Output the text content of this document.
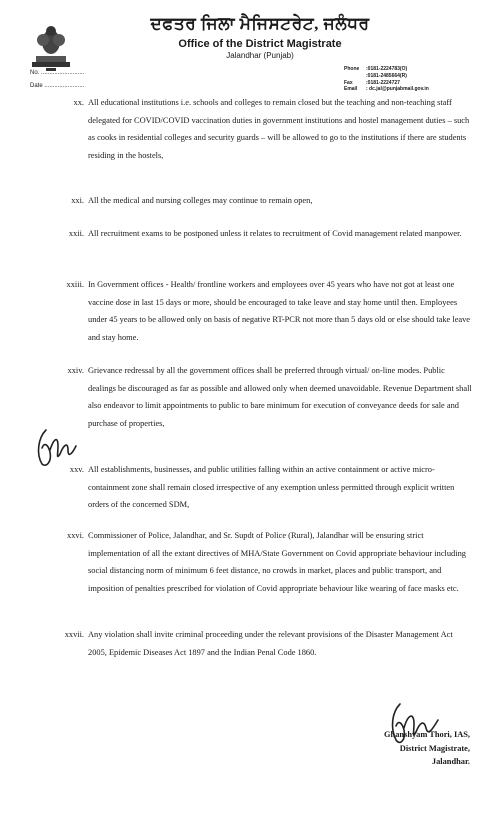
ਦਫਤਰ ਜਿਲਾ ਮੈਜਿਸਟਰੇਟ, ਜਲੰਧਰ
Office of the District Magistrate
Jalandhar (Punjab)
Phone :0181-2224783(O)
:0181-2485664(R)
Fax	:0181-2224727
Email : dc.jal@punjabmail.gov.in
No. ..........................
Date ........................
xx. All educational institutions i.e. schools and colleges to remain closed but the teaching and non-teaching staff delegated for COVID/COVID vaccination duties in government institutions and hostel management duties – such as cooks in residential colleges and security guards – will be allowed to go to the institutions if there are students residing in the hostels,
xxi. All the medical and nursing colleges may continue to remain open,
xxii. All recruitment exams to be postponed unless it relates to recruitment of Covid management related manpower.
xxiii. In Government offices - Health/ frontline workers and employees over 45 years who have not got at least one vaccine dose in last 15 days or more, should be encouraged to take leave and stay home until then. Employees under 45 years to be allowed only on basis of negative RT-PCR not more than 5 days old or else should take leave and stay home.
xxiv. Grievance redressal by all the government offices shall be preferred through virtual/ on-line modes. Public dealings be discouraged as far as possible and allowed only when deemed unavoidable. Revenue Department shall also endeavor to limit appointments to public to bare minimum for execution of conveyance deeds for sale and purchase of properties,
xxv. All establishments, businesses, and public utilities falling within an active containment or active micro-containment zone shall remain closed irrespective of any exemption unless permitted through explicit written orders of the concerned SDM,
xxvi. Commissioner of Police, Jalandhar, and Sr. Supdt of Police (Rural), Jalandhar will be ensuring strict implementation of all the extant directives of MHA/State Government on Covid appropriate behaviour including social distancing norm of minimum 6 feet distance, no crowds in market, places and public transport, and imposition of penalties prescribed for violation of Covid appropriate behaviour like wearing of face masks etc.
xxvii. Any violation shall invite criminal proceeding under the relevant provisions of the Disaster Management Act 2005, Epidemic Diseases Act 1897 and the Indian Penal Code 1860.
Ghanshyam Thori, IAS,
District Magistrate,
Jalandhar.
